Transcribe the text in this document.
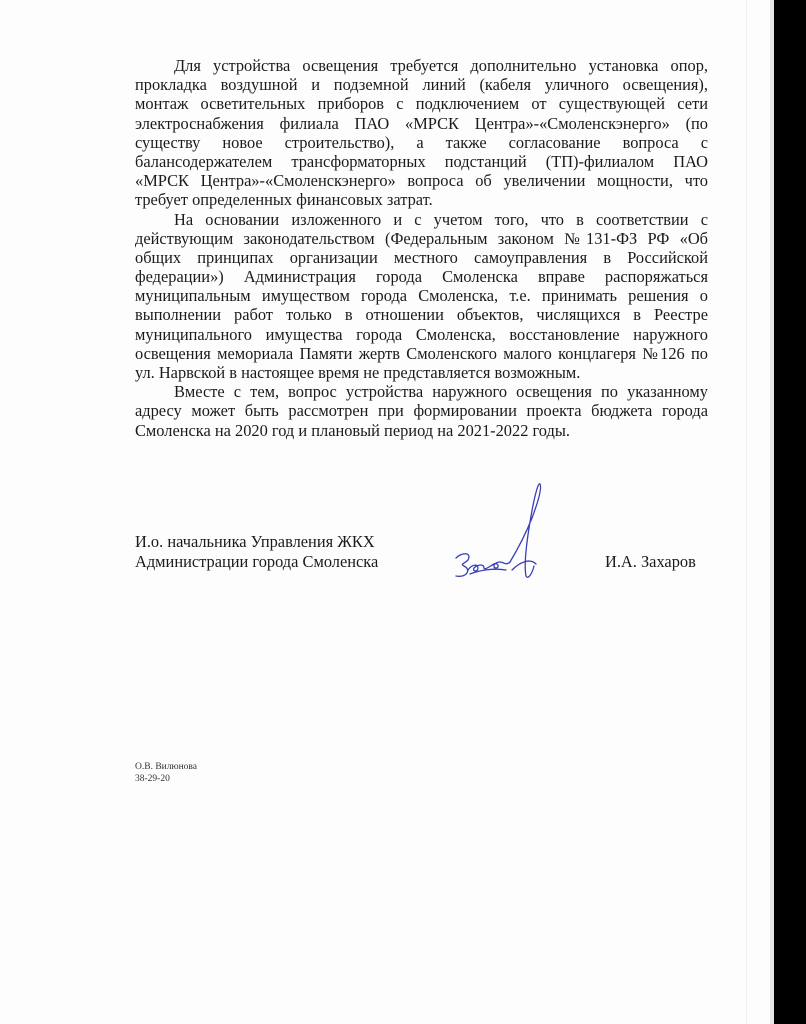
Для устройства освещения требуется дополнительно установка опор,
прокладка воздушной и подземной линий (кабеля уличного освещения),
монтаж осветительных приборов с подключением от существующей сети
электроснабжения филиала ПАО «МРСК Центра»-«Смоленскэнерго» (по
существу новое строительство), а также согласование вопроса с
балансодержателем трансформаторных подстанций (ТП)-филиалом ПАО
«МРСК Центра»-«Смоленскэнерго» вопроса об увеличении мощности, что
требует определенных финансовых затрат.
На основании изложенного и с учетом того, что в соответствии с
действующим законодательством (Федеральным законом №131-ФЗ РФ «Об
общих принципах организации местного самоуправления в Российской
федерации») Администрация города Смоленска вправе распоряжаться
муниципальным имуществом города Смоленска, т.е. принимать решения о
выполнении работ только в отношении объектов, числящихся в Реестре
муниципального имущества города Смоленска, восстановление наружного
освещения мемориала Памяти жертв Смоленского малого концлагеря №126 по
ул. Нарвской в настоящее время не представляется возможным.
Вместе с тем, вопрос устройства наружного освещения по указанному
адресу может быть рассмотрен при формировании проекта бюджета города
Смоленска на 2020 год и плановый период на 2021-2022 годы.
И.о. начальника Управления ЖКХ
Администрации города Смоленска	И.А. Захаров
О.В. Вилюнова
38-29-20
